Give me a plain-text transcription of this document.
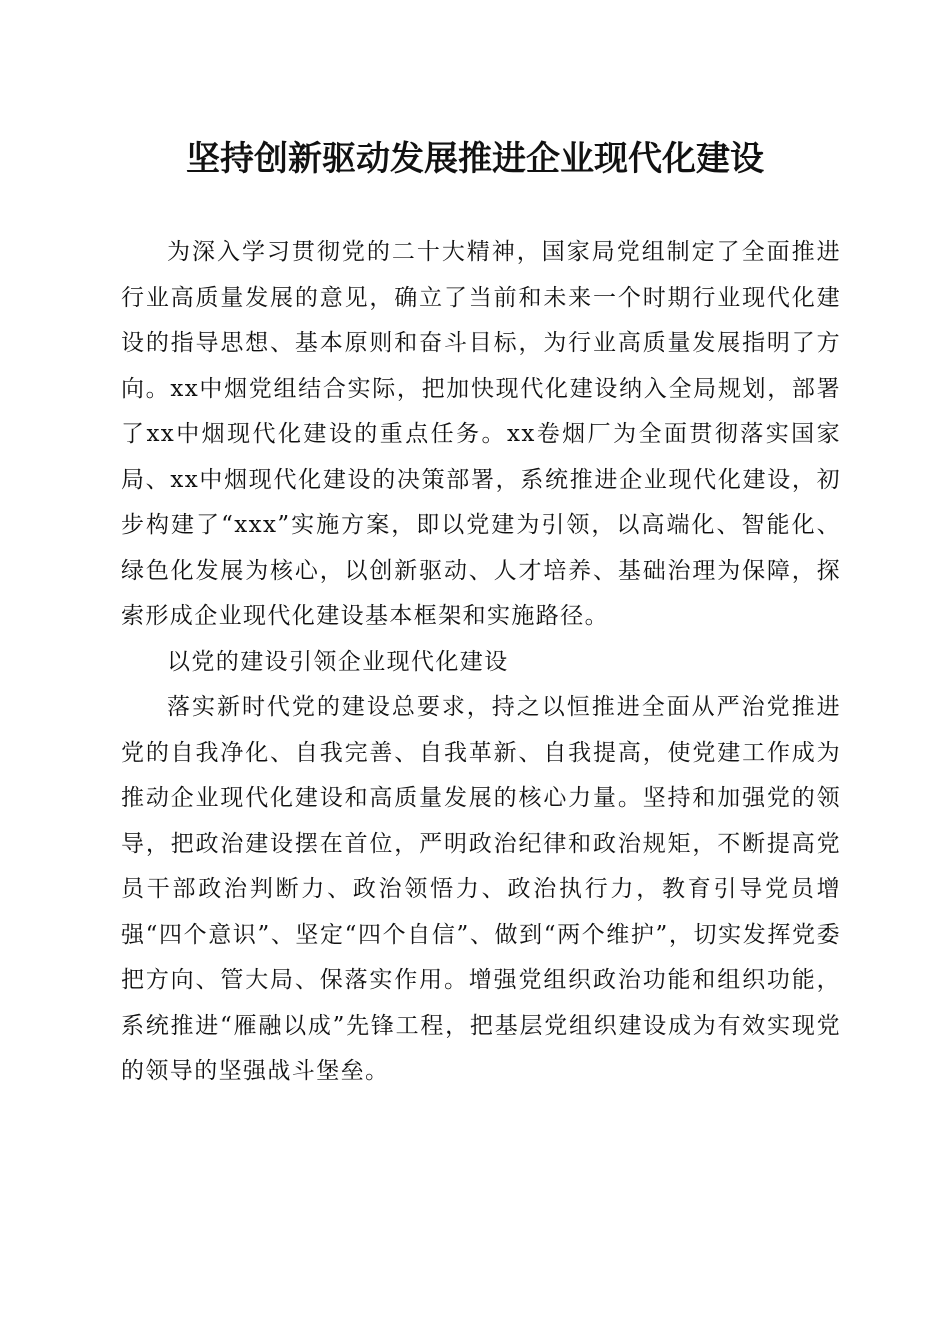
坚持创新驱动发展推进企业现代化建设

为深入学习贯彻党的二十大精神，国家局党组制定了全面推进行业高质量发展的意见，确立了当前和未来一个时期行业现代化建设的指导思想、基本原则和奋斗目标，为行业高质量发展指明了方向。xx中烟党组结合实际，把加快现代化建设纳入全局规划，部署了xx中烟现代化建设的重点任务。xx卷烟厂为全面贯彻落实国家局、xx中烟现代化建设的决策部署，系统推进企业现代化建设，初步构建了“xxx”实施方案，即以党建为引领，以高端化、智能化、绿色化发展为核心，以创新驱动、人才培养、基础治理为保障，探索形成企业现代化建设基本框架和实施路径。

以党的建设引领企业现代化建设

落实新时代党的建设总要求，持之以恒推进全面从严治党推进党的自我净化、自我完善、自我革新、自我提高，使党建工作成为推动企业现代化建设和高质量发展的核心力量。坚持和加强党的领导，把政治建设摆在首位，严明政治纪律和政治规矩，不断提高党员干部政治判断力、政治领悟力、政治执行力，教育引导党员增强“四个意识”、坚定“四个自信”、做到“两个维护”，切实发挥党委把方向、管大局、保落实作用。增强党组织政治功能和组织功能，系统推进“雁融以成”先锋工程，把基层党组织建设成为有效实现党的领导的坚强战斗堡垒。
